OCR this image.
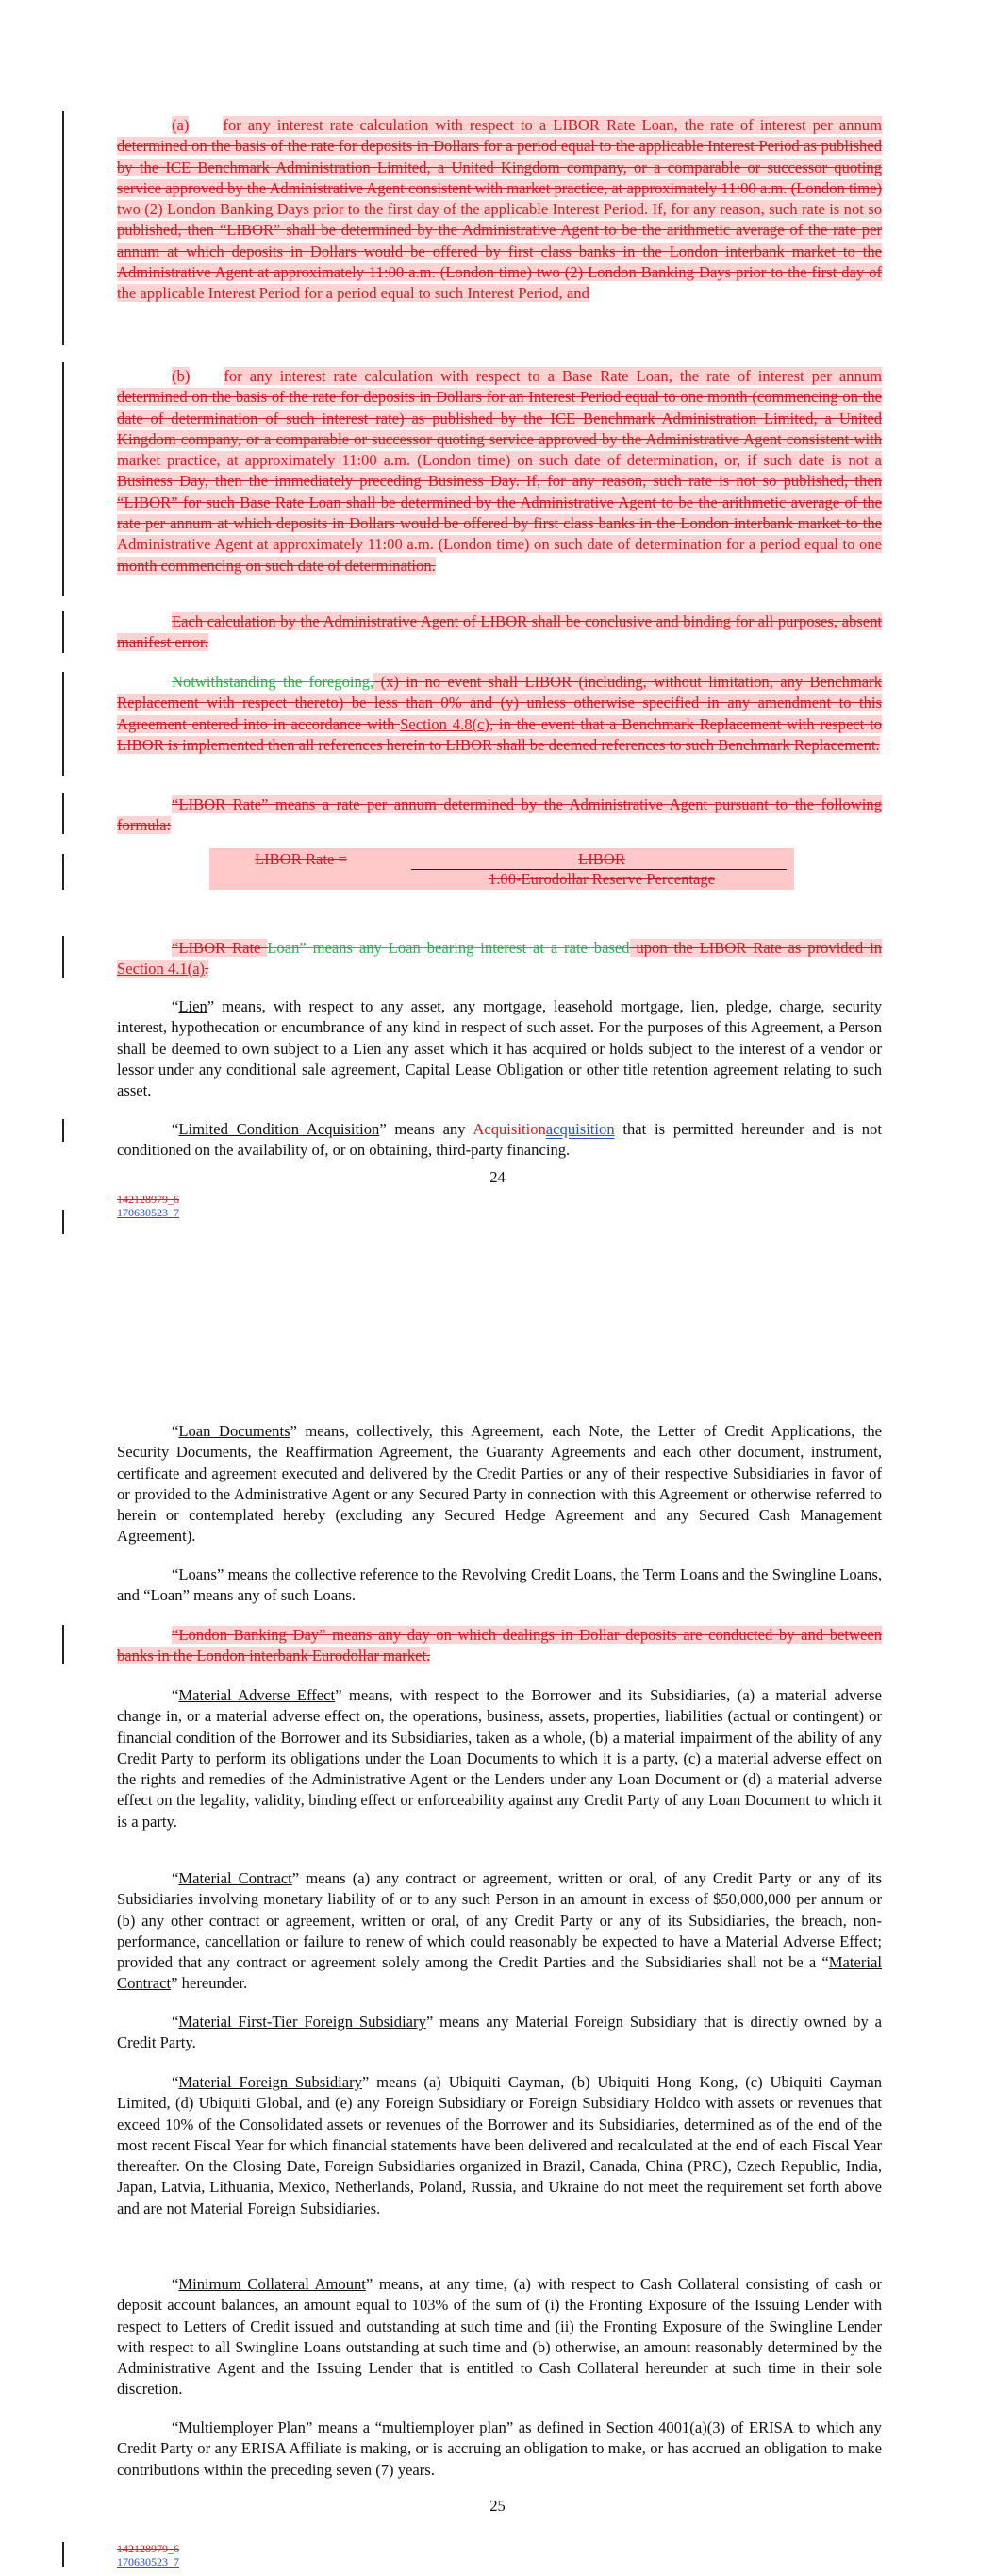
(a) for any interest rate calculation with respect to a LIBOR Rate Loan, the rate of interest per annum determined on the basis of the rate for deposits in Dollars for a period equal to the applicable Interest Period as published by the ICE Benchmark Administration Limited, a United Kingdom company, or a comparable or successor quoting service approved by the Administrative Agent consistent with market practice, at approximately 11:00 a.m. (London time) two (2) London Banking Days prior to the first day of the applicable Interest Period. If, for any reason, such rate is not so published, then “LIBOR” shall be determined by the Administrative Agent to be the arithmetic average of the rate per annum at which deposits in Dollars would be offered by first class banks in the London interbank market to the Administrative Agent at approximately 11:00 a.m. (London time) two (2) London Banking Days prior to the first day of the applicable Interest Period for a period equal to such Interest Period, and
(b) for any interest rate calculation with respect to a Base Rate Loan, the rate of interest per annum determined on the basis of the rate for deposits in Dollars for an Interest Period equal to one month (commencing on the date of determination of such interest rate) as published by the ICE Benchmark Administration Limited, a United Kingdom company, or a comparable or successor quoting service approved by the Administrative Agent consistent with market practice, at approximately 11:00 a.m. (London time) on such date of determination, or, if such date is not a Business Day, then the immediately preceding Business Day. If, for any reason, such rate is not so published, then “LIBOR” for such Base Rate Loan shall be determined by the Administrative Agent to be the arithmetic average of the rate per annum at which deposits in Dollars would be offered by first class banks in the London interbank market to the Administrative Agent at approximately 11:00 a.m. (London time) on such date of determination for a period equal to one month commencing on such date of determination.
Each calculation by the Administrative Agent of LIBOR shall be conclusive and binding for all purposes, absent manifest error.
Notwithstanding the foregoing, (x) in no event shall LIBOR (including, without limitation, any Benchmark Replacement with respect thereto) be less than 0% and (y) unless otherwise specified in any amendment to this Agreement entered into in accordance with Section 4.8(c), in the event that a Benchmark Replacement with respect to LIBOR is implemented then all references herein to LIBOR shall be deemed references to such Benchmark Replacement.
“LIBOR Rate” means a rate per annum determined by the Administrative Agent pursuant to the following formula:
LIBOR Rate =	LIBOR
1.00-Eurodollar Reserve Percentage
“LIBOR Rate Loan” means any Loan bearing interest at a rate based upon the LIBOR Rate as provided in Section 4.1(a).
“Lien” means, with respect to any asset, any mortgage, leasehold mortgage, lien, pledge, charge, security interest, hypothecation or encumbrance of any kind in respect of such asset. For the purposes of this Agreement, a Person shall be deemed to own subject to a Lien any asset which it has acquired or holds subject to the interest of a vendor or lessor under any conditional sale agreement, Capital Lease Obligation or other title retention agreement relating to such asset.
“Limited Condition Acquisition” means any Acquisitionacquisition that is permitted hereunder and is not conditioned on the availability of, or on obtaining, third-party financing.
24
142128979_6
170630523_7
“Loan Documents” means, collectively, this Agreement, each Note, the Letter of Credit Applications, the Security Documents, the Reaffirmation Agreement, the Guaranty Agreements and each other document, instrument, certificate and agreement executed and delivered by the Credit Parties or any of their respective Subsidiaries in favor of or provided to the Administrative Agent or any Secured Party in connection with this Agreement or otherwise referred to herein or contemplated hereby (excluding any Secured Hedge Agreement and any Secured Cash Management Agreement).
“Loans” means the collective reference to the Revolving Credit Loans, the Term Loans and the Swingline Loans, and “Loan” means any of such Loans.
“London Banking Day” means any day on which dealings in Dollar deposits are conducted by and between banks in the London interbank Eurodollar market.
“Material Adverse Effect” means, with respect to the Borrower and its Subsidiaries, (a) a material adverse change in, or a material adverse effect on, the operations, business, assets, properties, liabilities (actual or contingent) or financial condition of the Borrower and its Subsidiaries, taken as a whole, (b) a material impairment of the ability of any Credit Party to perform its obligations under the Loan Documents to which it is a party, (c) a material adverse effect on the rights and remedies of the Administrative Agent or the Lenders under any Loan Document or (d) a material adverse effect on the legality, validity, binding effect or enforceability against any Credit Party of any Loan Document to which it is a party.
“Material Contract” means (a) any contract or agreement, written or oral, of any Credit Party or any of its Subsidiaries involving monetary liability of or to any such Person in an amount in excess of $50,000,000 per annum or (b) any other contract or agreement, written or oral, of any Credit Party or any of its Subsidiaries, the breach, non-performance, cancellation or failure to renew of which could reasonably be expected to have a Material Adverse Effect; provided that any contract or agreement solely among the Credit Parties and the Subsidiaries shall not be a “Material Contract” hereunder.
“Material First-Tier Foreign Subsidiary” means any Material Foreign Subsidiary that is directly owned by a Credit Party.
“Material Foreign Subsidiary” means (a) Ubiquiti Cayman, (b) Ubiquiti Hong Kong, (c) Ubiquiti Cayman Limited, (d) Ubiquiti Global, and (e) any Foreign Subsidiary or Foreign Subsidiary Holdco with assets or revenues that exceed 10% of the Consolidated assets or revenues of the Borrower and its Subsidiaries, determined as of the end of the most recent Fiscal Year for which financial statements have been delivered and recalculated at the end of each Fiscal Year thereafter. On the Closing Date, Foreign Subsidiaries organized in Brazil, Canada, China (PRC), Czech Republic, India, Japan, Latvia, Lithuania, Mexico, Netherlands, Poland, Russia, and Ukraine do not meet the requirement set forth above and are not Material Foreign Subsidiaries.
“Minimum Collateral Amount” means, at any time, (a) with respect to Cash Collateral consisting of cash or deposit account balances, an amount equal to 103% of the sum of (i) the Fronting Exposure of the Issuing Lender with respect to Letters of Credit issued and outstanding at such time and (ii) the Fronting Exposure of the Swingline Lender with respect to all Swingline Loans outstanding at such time and (b) otherwise, an amount reasonably determined by the Administrative Agent and the Issuing Lender that is entitled to Cash Collateral hereunder at such time in their sole discretion.
“Multiemployer Plan” means a “multiemployer plan” as defined in Section 4001(a)(3) of ERISA to which any Credit Party or any ERISA Affiliate is making, or is accruing an obligation to make, or has accrued an obligation to make contributions within the preceding seven (7) years.
25
142128979_6
170630523_7
